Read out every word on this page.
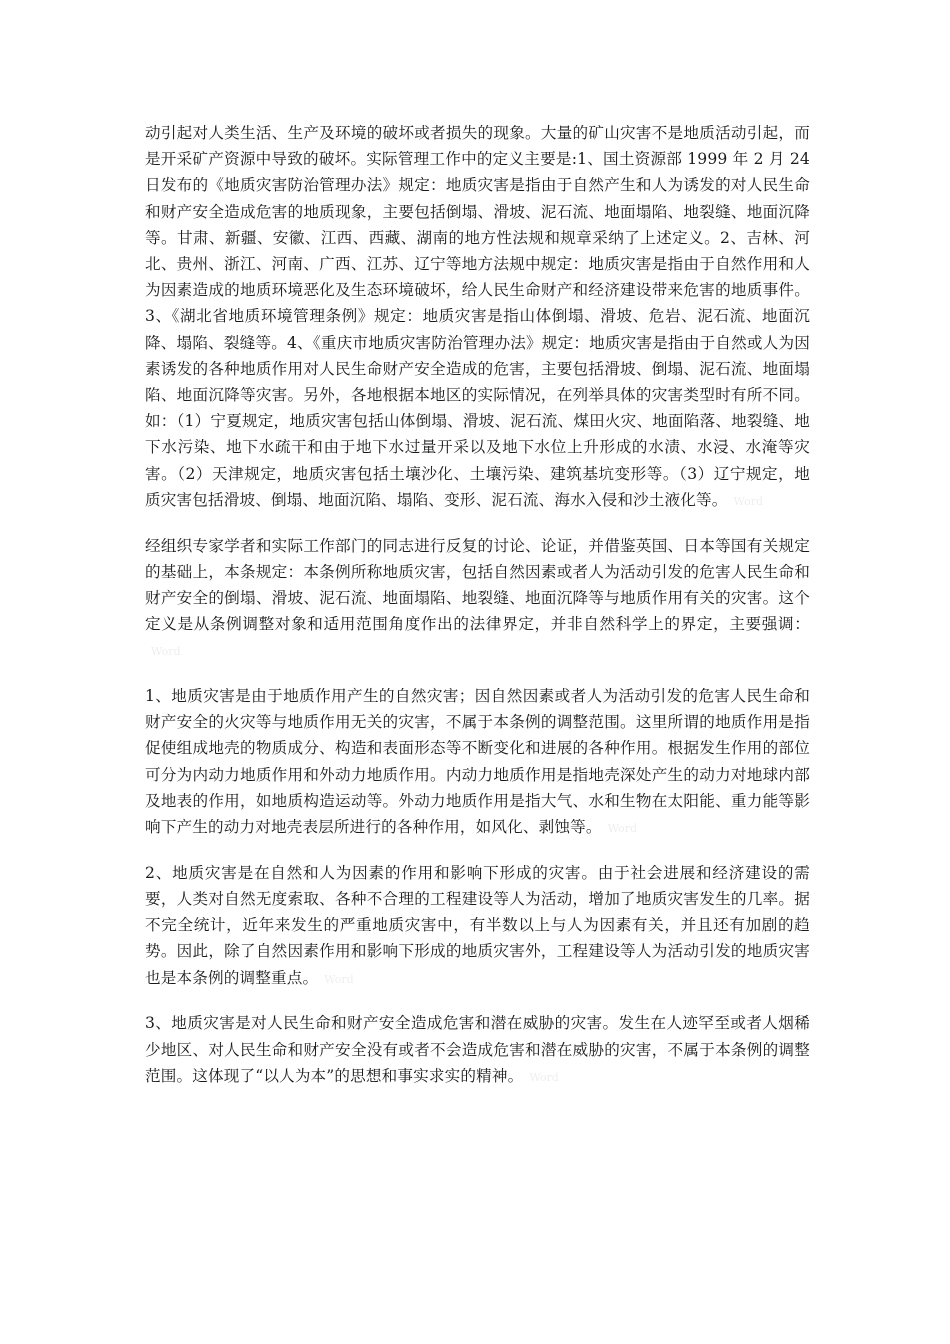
动引起对人类生活、生产及环境的破坏或者损失的现象。大量的矿山灾害不是地质活动引起，而是开采矿产资源中导致的破坏。实际管理工作中的定义主要是:1、国土资源部 1999 年 2 月 24 日发布的《地质灾害防治管理办法》规定：地质灾害是指由于自然产生和人为诱发的对人民生命和财产安全造成危害的地质现象，主要包括倒塌、滑坡、泥石流、地面塌陷、地裂缝、地面沉降等。甘肃、新疆、安徽、江西、西藏、湖南的地方性法规和规章采纳了上述定义。2、吉林、河北、贵州、浙江、河南、广西、江苏、辽宁等地方法规中规定：地质灾害是指由于自然作用和人为因素造成的地质环境恶化及生态环境破坏，给人民生命财产和经济建设带来危害的地质事件。3、《湖北省地质环境管理条例》规定：地质灾害是指山体倒塌、滑坡、危岩、泥石流、地面沉降、塌陷、裂缝等。4、《重庆市地质灾害防治管理办法》规定：地质灾害是指由于自然或人为因素诱发的各种地质作用对人民生命财产安全造成的危害，主要包括滑坡、倒塌、泥石流、地面塌陷、地面沉降等灾害。另外，各地根据本地区的实际情况，在列举具体的灾害类型时有所不同。如：（1）宁夏规定，地质灾害包括山体倒塌、滑坡、泥石流、煤田火灾、地面陷落、地裂缝、地下水污染、地下水疏干和由于地下水过量开采以及地下水位上升形成的水渍、水浸、水淹等灾害。（2）天津规定，地质灾害包括土壤沙化、土壤污染、建筑基坑变形等。（3）辽宁规定，地质灾害包括滑坡、倒塌、地面沉陷、塌陷、变形、泥石流、海水入侵和沙土液化等。 Word

经组织专家学者和实际工作部门的同志进行反复的讨论、论证，并借鉴英国、日本等国有关规定的基础上，本条规定：本条例所称地质灾害，包括自然因素或者人为活动引发的危害人民生命和财产安全的倒塌、滑坡、泥石流、地面塌陷、地裂缝、地面沉降等与地质作用有关的灾害。这个定义是从条例调整对象和适用范围角度作出的法律界定，并非自然科学上的界定，主要强调：Word

1、地质灾害是由于地质作用产生的自然灾害；因自然因素或者人为活动引发的危害人民生命和财产安全的火灾等与地质作用无关的灾害，不属于本条例的调整范围。这里所谓的地质作用是指促使组成地壳的物质成分、构造和表面形态等不断变化和进展的各种作用。根据发生作用的部位可分为内动力地质作用和外动力地质作用。内动力地质作用是指地壳深处产生的动力对地球内部及地表的作用，如地质构造运动等。外动力地质作用是指大气、水和生物在太阳能、重力能等影响下产生的动力对地壳表层所进行的各种作用，如风化、剥蚀等。 Word

2、地质灾害是在自然和人为因素的作用和影响下形成的灾害。由于社会进展和经济建设的需要，人类对自然无度索取、各种不合理的工程建设等人为活动，增加了地质灾害发生的几率。据不完全统计，近年来发生的严重地质灾害中，有半数以上与人为因素有关，并且还有加剧的趋势。因此，除了自然因素作用和影响下形成的地质灾害外，工程建设等人为活动引发的地质灾害也是本条例的调整重点。 Word

3、地质灾害是对人民生命和财产安全造成危害和潜在威胁的灾害。发生在人迹罕至或者人烟稀少地区、对人民生命和财产安全没有或者不会造成危害和潜在威胁的灾害，不属于本条例的调整范围。这体现了“以人为本”的思想和事实求实的精神。 Word
